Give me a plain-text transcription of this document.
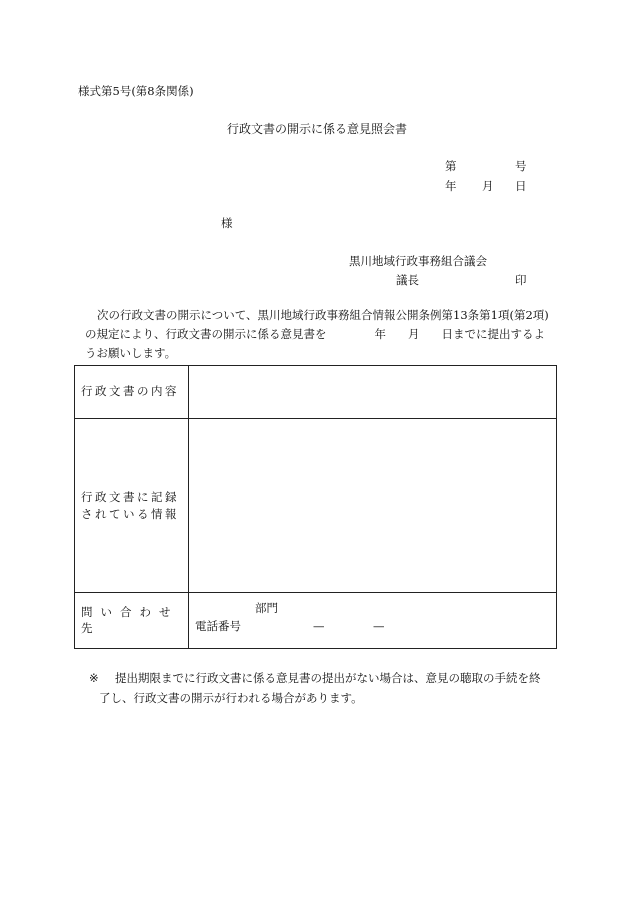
様式第5号(第8条関係)
行政文書の開示に係る意見照会書
第	号
年 月 日
様
黒川地域行政事務組合議会
議長	印
次の行政文書の開示について、黒川地域行政事務組合情報公開条例第13条第1項(第2項)の規定により、行政文書の開示に係る意見書を	年 月 日までに提出するようお願いします。
行政文書の内容	
行政文書に記録されている情報	
問い合わせ先	部門
電話番号 — —
※ 提出期限までに行政文書に係る意見書の提出がない場合は、意見の聴取の手続を終
了し、行政文書の開示が行われる場合があります。
